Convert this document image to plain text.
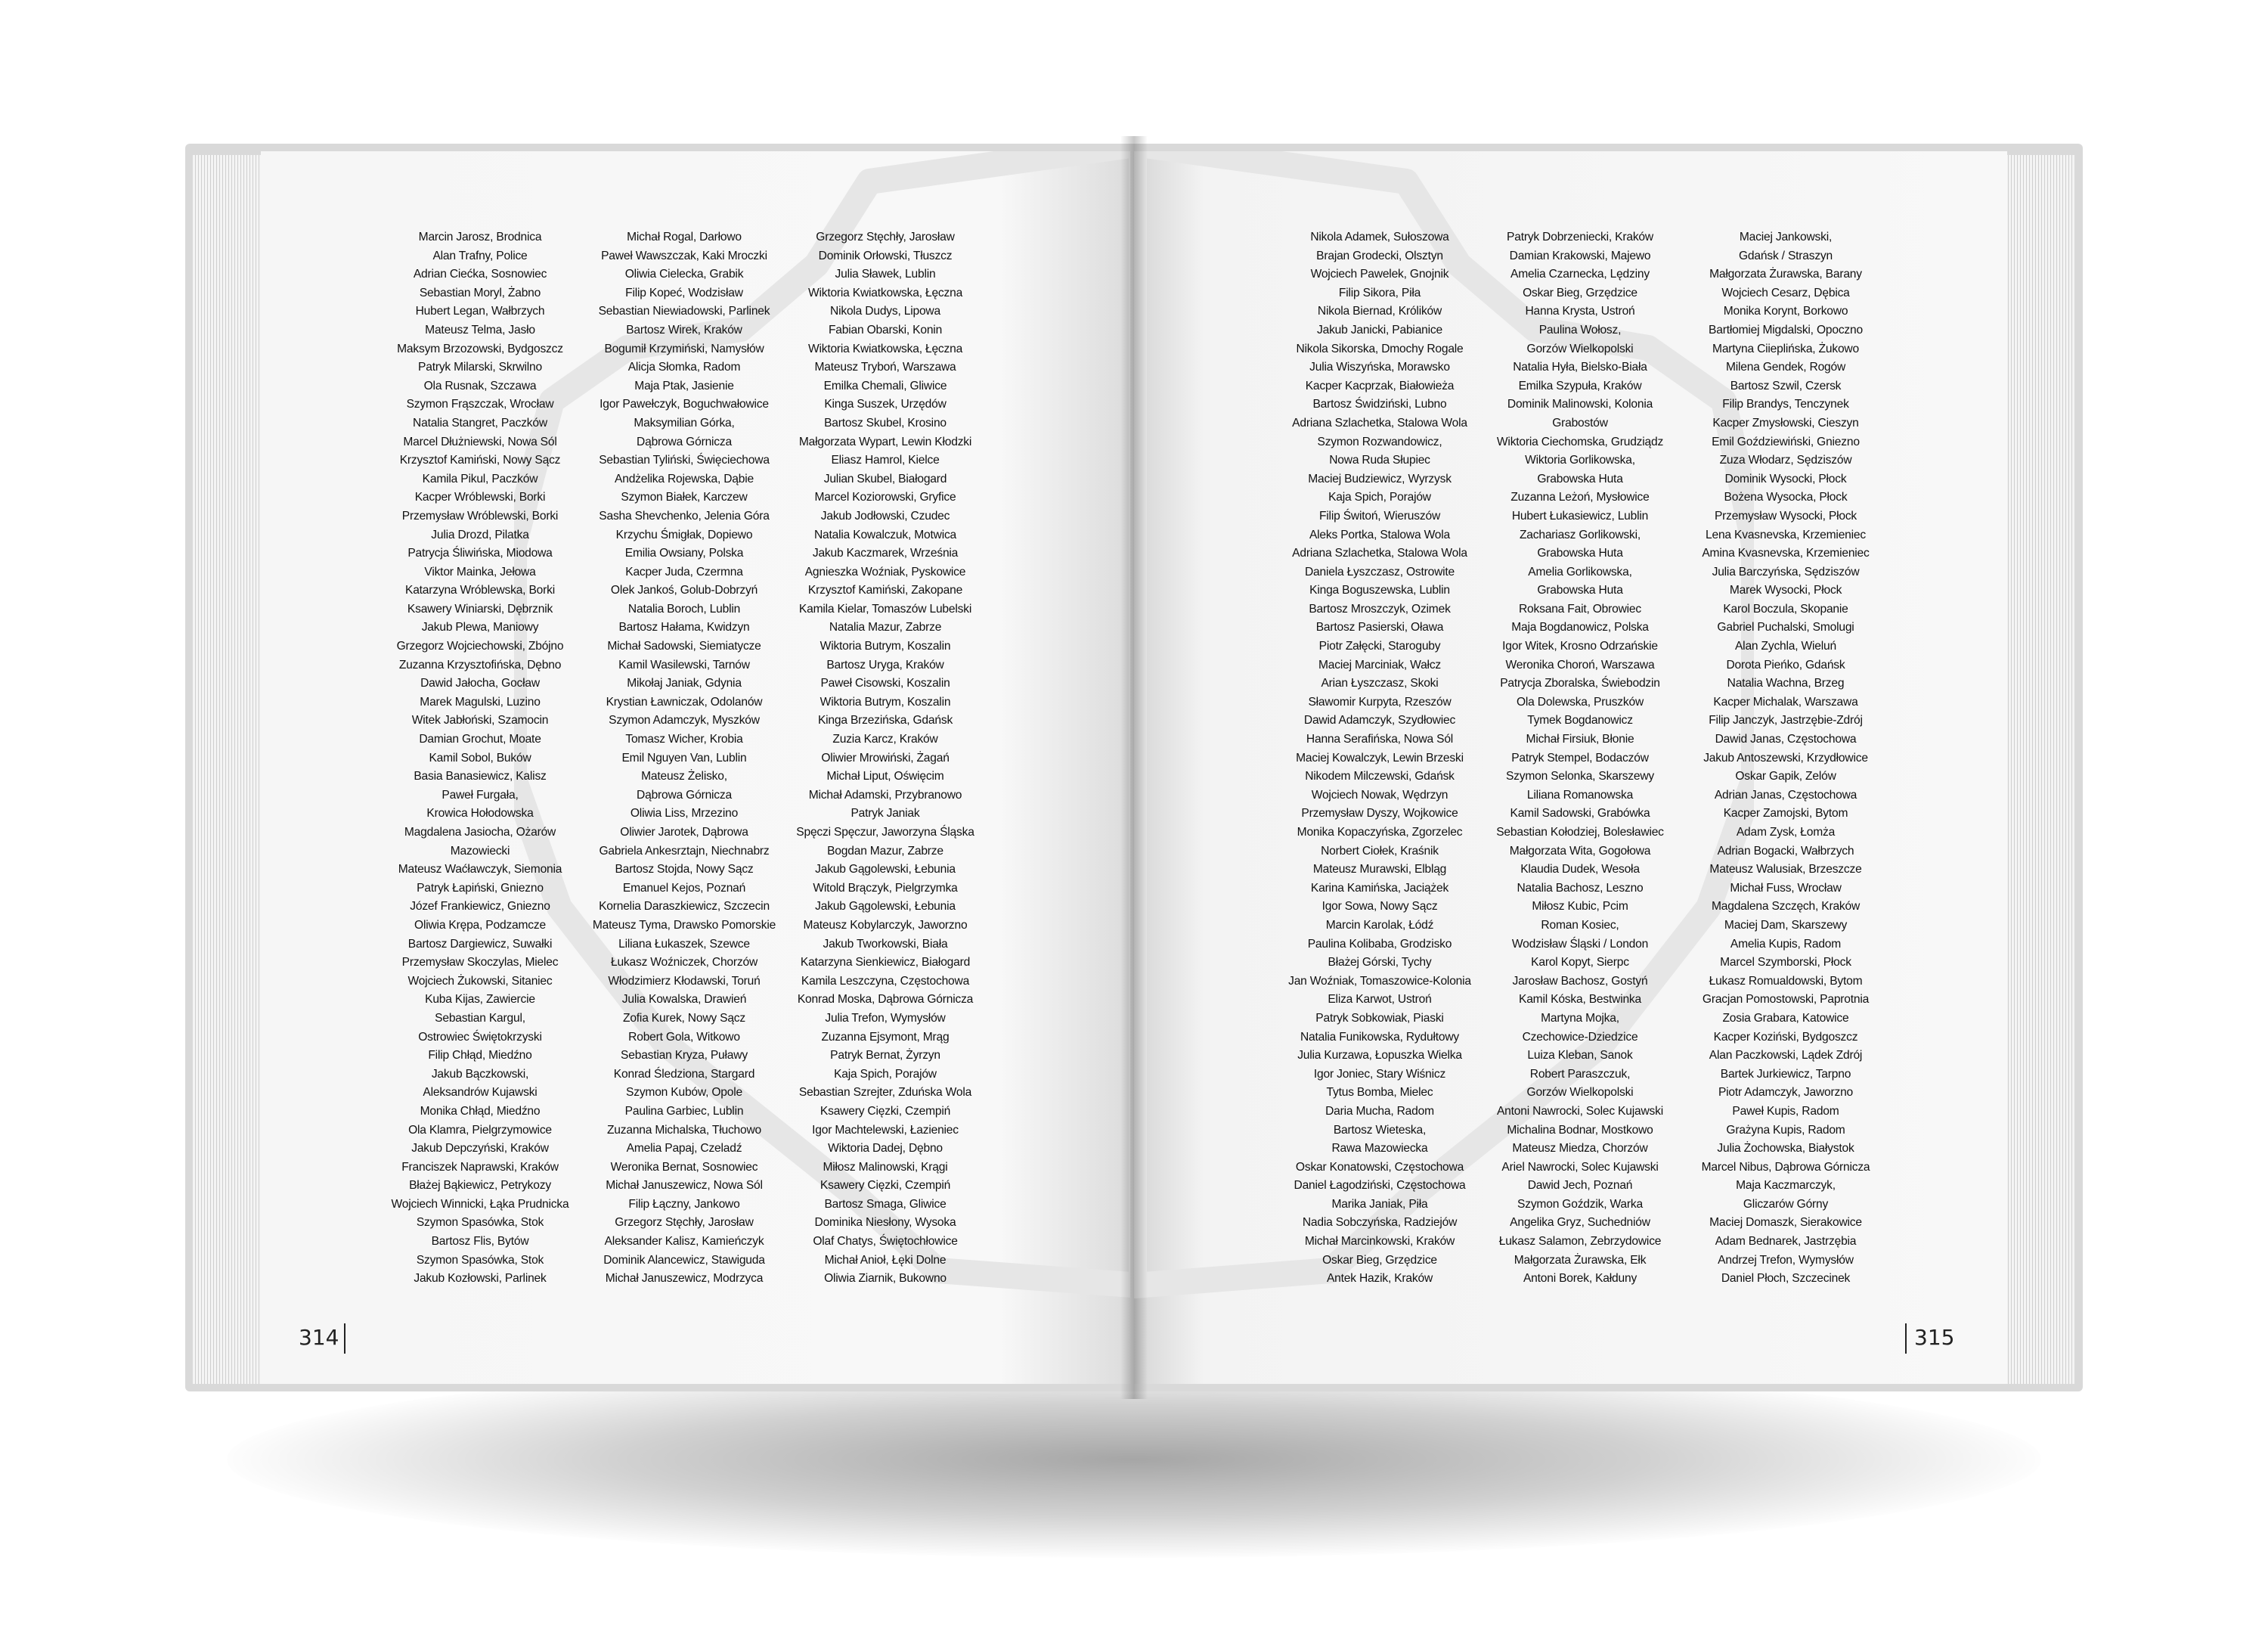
Marcin Jarosz, Brodnica
Alan Trafny, Police
Adrian Ciećka, Sosnowiec
Sebastian Moryl, Żabno
Hubert Legan, Wałbrzych
Mateusz Telma, Jasło
Maksym Brzozowski, Bydgoszcz
Patryk Milarski, Skrwilno
Ola Rusnak, Szczawa
Szymon Frąszczak, Wrocław
Natalia Stangret, Paczków
Marcel Dłużniewski, Nowa Sól
Krzysztof Kamiński, Nowy Sącz
Kamila Pikul, Paczków
Kacper Wróblewski, Borki
Przemysław Wróblewski, Borki
Julia Drozd, Pilatka
Patrycja Śliwińska, Miodowa
Viktor Mainka, Jełowa
Katarzyna Wróblewska, Borki
Ksawery Winiarski, Dębrznik
Jakub Plewa, Maniowy
Grzegorz Wojciechowski, Zbójno
Zuzanna Krzysztofińska, Dębno
Dawid Jałocha, Gocław
Marek Magulski, Luzino
Witek Jabłoński, Szamocin
Damian Grochut, Moate
Kamil Sobol, Buków
Basia Banasiewicz, Kalisz
Paweł Furgała,
Krowica Hołodowska
Magdalena Jasiocha, Ożarów
Mazowiecki
Mateusz Waćławczyk, Siemonia
Patryk Łapiński, Gniezno
Józef Frankiewicz, Gniezno
Oliwia Krępa, Podzamcze
Bartosz Dargiewicz, Suwałki
Przemysław Skoczylas, Mielec
Wojciech Żukowski, Sitaniec
Kuba Kijas, Zawiercie
Sebastian Kargul,
Ostrowiec Świętokrzyski
Filip Chłąd, Miedźno
Jakub Bączkowski,
Aleksandrów Kujawski
Monika Chłąd, Miedźno
Ola Klamra, Pielgrzymowice
Jakub Depczyński, Kraków
Franciszek Naprawski, Kraków
Błażej Bąkiewicz, Petrykozy
Wojciech Winnicki, Łąka Prudnicka
Szymon Spasówka, Stok
Bartosz Flis, Bytów
Szymon Spasówka, Stok
Jakub Kozłowski, Parlinek
Michał Rogal, Darłowo
Paweł Wawszczak, Kaki Mroczki
Oliwia Cielecka, Grabik
Filip Kopeć, Wodzisław
Sebastian Niewiadowski, Parlinek
Bartosz Wirek, Kraków
Bogumił Krzymiński, Namysłów
Alicja Słomka, Radom
Maja Ptak, Jasienie
Igor Pawełczyk, Boguchwałowice
Maksymilian Górka,
Dąbrowa Górnicza
Sebastian Tyliński, Święciechowa
Andżelika Rojewska, Dąbie
Szymon Białek, Karczew
Sasha Shevchenko, Jelenia Góra
Krzychu Śmigłak, Dopiewo
Emilia Owsiany, Polska
Kacper Juda, Czermna
Olek Jankoś, Golub-Dobrzyń
Natalia Boroch, Lublin
Bartosz Hałama, Kwidzyn
Michał Sadowski, Siemiatycze
Kamil Wasilewski, Tarnów
Mikołaj Janiak, Gdynia
Krystian Ławniczak, Odolanów
Szymon Adamczyk, Myszków
Tomasz Wicher, Krobia
Emil Nguyen Van, Lublin
Mateusz Żelisko,
Dąbrowa Górnicza
Oliwia Liss, Mrzezino
Oliwier Jarotek, Dąbrowa
Gabriela Ankesrztajn, Niechnabrz
Bartosz Stojda, Nowy Sącz
Emanuel Kejos, Poznań
Kornelia Daraszkiewicz, Szczecin
Mateusz Tyma, Drawsko Pomorskie
Liliana Łukaszek, Szewce
Łukasz Woźniczek, Chorzów
Włodzimierz Kłodawski, Toruń
Julia Kowalska, Drawień
Zofia Kurek, Nowy Sącz
Robert Gola, Witkowo
Sebastian Kryza, Puławy
Konrad Śledziona, Stargard
Szymon Kubów, Opole
Paulina Garbiec, Lublin
Zuzanna Michalska, Tłuchowo
Amelia Papaj, Czeladź
Weronika Bernat, Sosnowiec
Michał Januszewicz, Nowa Sól
Filip Łączny, Jankowo
Grzegorz Stęchły, Jarosław
Aleksander Kalisz, Kamieńczyk
Dominik Alancewicz, Stawiguda
Michał Januszewicz, Modrzyca
Grzegorz Stęchły, Jarosław
Dominik Orłowski, Tłuszcz
Julia Sławek, Lublin
Wiktoria Kwiatkowska, Łęczna
Nikola Dudys, Lipowa
Fabian Obarski, Konin
Wiktoria Kwiatkowska, Łęczna
Mateusz Tryboń, Warszawa
Emilka Chemali, Gliwice
Kinga Suszek, Urzędów
Bartosz Skubel, Krosino
Małgorzata Wypart, Lewin Kłodzki
Eliasz Hamrol, Kielce
Julian Skubel, Białogard
Marcel Koziorowski, Gryfice
Jakub Jodłowski, Czudec
Natalia Kowalczuk, Motwica
Jakub Kaczmarek, Września
Agnieszka Woźniak, Pyskowice
Krzysztof Kamiński, Zakopane
Kamila Kielar, Tomaszów Lubelski
Natalia Mazur, Zabrze
Wiktoria Butrym, Koszalin
Bartosz Uryga, Kraków
Paweł Cisowski, Koszalin
Wiktoria Butrym, Koszalin
Kinga Brzezińska, Gdańsk
Zuzia Karcz, Kraków
Oliwier Mrowiński, Żagań
Michał Liput, Oświęcim
Michał Adamski, Przybranowo
Patryk Janiak
Spęczi Spęczur, Jaworzyna Śląska
Bogdan Mazur, Zabrze
Jakub Gągolewski, Łebunia
Witold Brączyk, Pielgrzymka
Jakub Gągolewski, Łebunia
Mateusz Kobylarczyk, Jaworzno
Jakub Tworkowski, Biała
Katarzyna Sienkiewicz, Białogard
Kamila Leszczyna, Częstochowa
Konrad Moska, Dąbrowa Górnicza
Julia Trefon, Wymysłów
Zuzanna Ejsymont, Mrąg
Patryk Bernat, Żyrzyn
Kaja Spich, Porajów
Sebastian Szrejter, Zduńska Wola
Ksawery Cięzki, Czempiń
Igor Machtelewski, Łazieniec
Wiktoria Dadej, Dębno
Miłosz Malinowski, Krągi
Ksawery Cięzki, Czempiń
Bartosz Smaga, Gliwice
Dominika Niesłony, Wysoka
Olaf Chatys, Świętochłowice
Michał Anioł, Łęki Dolne
Oliwia Ziarnik, Bukowno
314
Nikola Adamek, Sułoszowa
Brajan Grodecki, Olsztyn
Wojciech Pawelek, Gnojnik
Filip Sikora, Piła
Nikola Biernad, Królików
Jakub Janicki, Pabianice
Nikola Sikorska, Dmochy Rogale
Julia Wiszyńska, Morawsko
Kacper Kacprzak, Białowieża
Bartosz Świdziński, Lubno
Adriana Szlachetka, Stalowa Wola
Szymon Rozwandowicz,
Nowa Ruda Słupiec
Maciej Budziewicz, Wyrzysk
Kaja Spich, Porajów
Filip Świtoń, Wieruszów
Aleks Portka, Stalowa Wola
Adriana Szlachetka, Stalowa Wola
Daniela Łyszczasz, Ostrowite
Kinga Boguszewska, Lublin
Bartosz Mroszczyk, Ozimek
Bartosz Pasierski, Oława
Piotr Załęcki, Staroguby
Maciej Marciniak, Wałcz
Arian Łyszczasz, Skoki
Sławomir Kurpyta, Rzeszów
Dawid Adamczyk, Szydłowiec
Hanna Serafińska, Nowa Sól
Maciej Kowalczyk, Lewin Brzeski
Nikodem Milczewski, Gdańsk
Wojciech Nowak, Wędrzyn
Przemysław Dyszy, Wojkowice
Monika Kopaczyńska, Zgorzelec
Norbert Ciołek, Kraśnik
Mateusz Murawski, Elbląg
Karina Kamińska, Jaciążek
Igor Sowa, Nowy Sącz
Marcin Karolak, Łódź
Paulina Kolibaba, Grodzisko
Błażej Górski, Tychy
Jan Woźniak, Tomaszowice-Kolonia
Eliza Karwot, Ustroń
Patryk Sobkowiak, Piaski
Natalia Funikowska, Rydułtowy
Julia Kurzawa, Łopuszka Wielka
Igor Joniec, Stary Wiśnicz
Tytus Bomba, Mielec
Daria Mucha, Radom
Bartosz Wieteska,
Rawa Mazowiecka
Oskar Konatowski, Częstochowa
Daniel Łagodziński, Częstochowa
Marika Janiak, Piła
Nadia Sobczyńska, Radziejów
Michał Marcinkowski, Kraków
Oskar Bieg, Grzędzice
Antek Hazik, Kraków
Patryk Dobrzeniecki, Kraków
Damian Krakowski, Majewo
Amelia Czarnecka, Lędziny
Oskar Bieg, Grzędzice
Hanna Krysta, Ustroń
Paulina Wołosz,
Gorzów Wielkopolski
Natalia Hyła, Bielsko-Biała
Emilka Szypuła, Kraków
Dominik Malinowski, Kolonia
Grabostów
Wiktoria Ciechomska, Grudziądz
Wiktoria Gorlikowska,
Grabowska Huta
Zuzanna Leżoń, Mysłowice
Hubert Łukasiewicz, Lublin
Zachariasz Gorlikowski,
Grabowska Huta
Amelia Gorlikowska,
Grabowska Huta
Roksana Fait, Obrowiec
Maja Bogdanowicz, Polska
Igor Witek, Krosno Odrzańskie
Weronika Choroń, Warszawa
Patrycja Zboralska, Świebodzin
Ola Dolewska, Pruszków
Tymek Bogdanowicz
Michał Firsiuk, Błonie
Patryk Stempel, Bodaczów
Szymon Selonka, Skarszewy
Liliana Romanowska
Kamil Sadowski, Grabówka
Sebastian Kołodziej, Bolesławiec
Małgorzata Wita, Gogołowa
Klaudia Dudek, Wesoła
Natalia Bachosz, Leszno
Miłosz Kubic, Pcim
Roman Kosiec,
Wodzisław Śląski / London
Karol Kopyt, Sierpc
Jarosław Bachosz, Gostyń
Kamil Kóska, Bestwinka
Martyna Mojka,
Czechowice-Dziedzice
Luiza Kleban, Sanok
Robert Paraszczuk,
Gorzów Wielkopolski
Antoni Nawrocki, Solec Kujawski
Michalina Bodnar, Mostkowo
Mateusz Miedza, Chorzów
Ariel Nawrocki, Solec Kujawski
Dawid Jech, Poznań
Szymon Goździk, Warka
Angelika Gryz, Suchedniów
Łukasz Salamon, Zebrzydowice
Małgorzata Żurawska, Ełk
Antoni Borek, Kałduny
Maciej Jankowski,
Gdańsk / Straszyn
Małgorzata Żurawska, Barany
Wojciech Cesarz, Dębica
Monika Korynt, Borkowo
Bartłomiej Migdalski, Opoczno
Martyna Ciieplińska, Żukowo
Milena Gendek, Rogów
Bartosz Szwil, Czersk
Filip Brandys, Tenczynek
Kacper Zmysłowski, Cieszyn
Emil Goździewiński, Gniezno
Zuza Włodarz, Sędziszów
Dominik Wysocki, Płock
Bożena Wysocka, Płock
Przemysław Wysocki, Płock
Lena Kvasnevska, Krzemieniec
Amina Kvasnevska, Krzemieniec
Julia Barczyńska, Sędziszów
Marek Wysocki, Płock
Karol Boczula, Skopanie
Gabriel Puchalski, Smolugi
Alan Zychla, Wieluń
Dorota Pieńko, Gdańsk
Natalia Wachna, Brzeg
Kacper Michalak, Warszawa
Filip Janczyk, Jastrzębie-Zdrój
Dawid Janas, Częstochowa
Jakub Antoszewski, Krzydłowice
Oskar Gapik, Zelów
Adrian Janas, Częstochowa
Kacper Zamojski, Bytom
Adam Zysk, Łomża
Adrian Bogacki, Wałbrzych
Mateusz Walusiak, Brzeszcze
Michał Fuss, Wrocław
Magdalena Szczęch, Kraków
Maciej Dam, Skarszewy
Amelia Kupis, Radom
Marcel Szymborski, Płock
Łukasz Romualdowski, Bytom
Gracjan Pomostowski, Paprotnia
Zosia Grabara, Katowice
Kacper Koziński, Bydgoszcz
Alan Paczkowski, Lądek Zdrój
Bartek Jurkiewicz, Tarpno
Piotr Adamczyk, Jaworzno
Paweł Kupis, Radom
Grażyna Kupis, Radom
Julia Żochowska, Białystok
Marcel Nibus, Dąbrowa Górnicza
Maja Kaczmarczyk,
Gliczarów Górny
Maciej Domaszk, Sierakowice
Adam Bednarek, Jastrzębia
Andrzej Trefon, Wymysłów
Daniel Płoch, Szczecinek
315
